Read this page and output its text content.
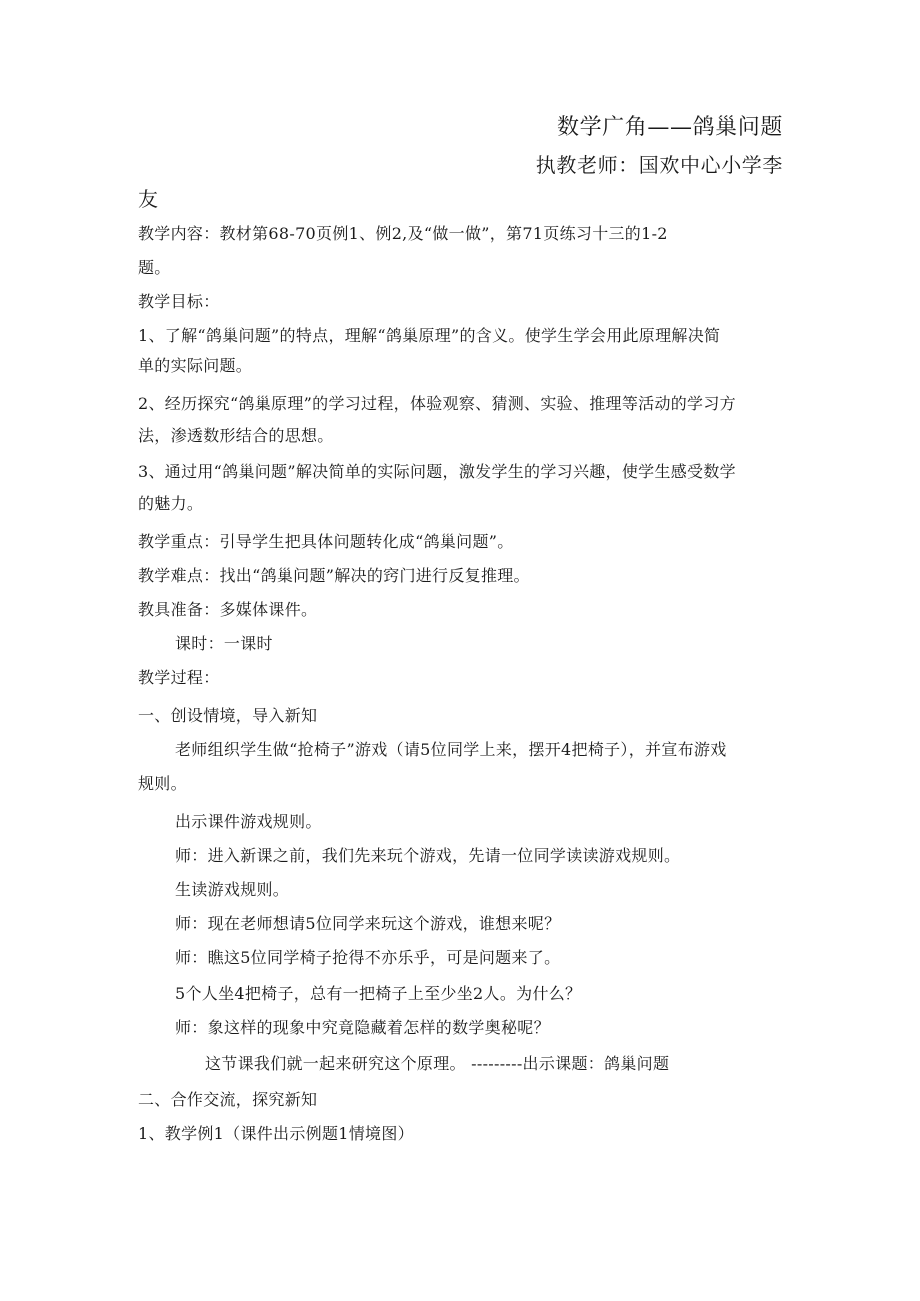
数学广角——鸽巢问题
执教老师：国欢中心小学李
友
教学内容：教材第68-70页例1、例2,及“做一做”，第71页练习十三的1-2
题。
教学目标：
1、了解“鸽巢问题”的特点，理解“鸽巢原理”的含义。使学生学会用此原理解决简
单的实际问题。
2、经历探究“鸽巢原理”的学习过程，体验观察、猜测、实验、推理等活动的学习方
法，渗透数形结合的思想。
3、通过用“鸽巢问题”解决简单的实际问题，激发学生的学习兴趣，使学生感受数学
的魅力。
教学重点：引导学生把具体问题转化成“鸽巢问题”。
教学难点：找出“鸽巢问题”解决的窍门进行反复推理。
教具准备：多媒体课件。
课时：一课时
教学过程：
一、创设情境，导入新知
老师组织学生做“抢椅子”游戏（请5位同学上来，摆开4把椅子），并宣布游戏
规则。
出示课件游戏规则。
师：进入新课之前，我们先来玩个游戏，先请一位同学读读游戏规则。
生读游戏规则。
师：现在老师想请5位同学来玩这个游戏，谁想来呢？
师：瞧这5位同学椅子抢得不亦乐乎，可是问题来了。
5个人坐4把椅子，总有一把椅子上至少坐2人。为什么？
师：象这样的现象中究竟隐藏着怎样的数学奥秘呢？
这节课我们就一起来研究这个原理。 ---------出示课题：鸽巢问题
二、合作交流，探究新知
1、教学例1（课件出示例题1情境图）
